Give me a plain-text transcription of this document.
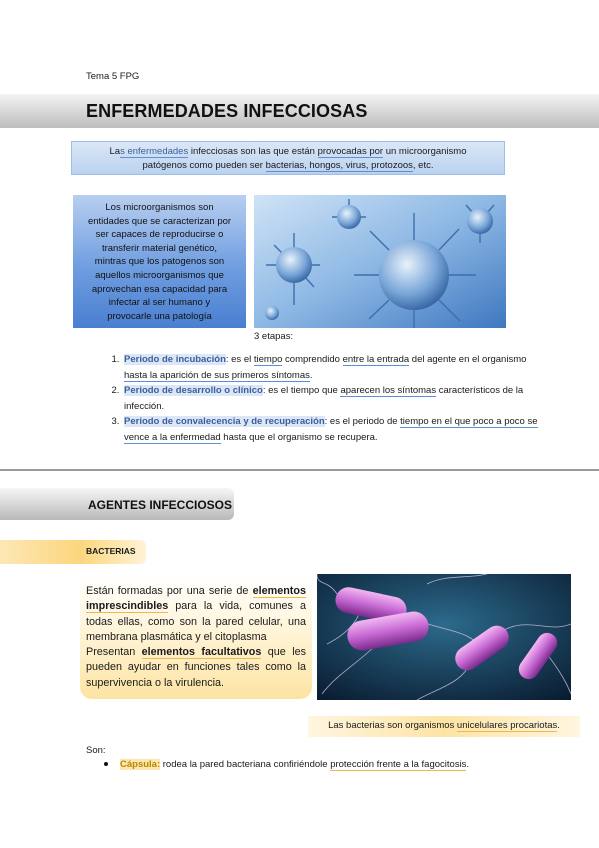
Tema 5 FPG
ENFERMEDADES INFECCIOSAS
Las enfermedades infecciosas son las que están provocadas por un microorganismo
patógenos como pueden ser bacterias, hongos, virus, protozoos, etc.
Los microorganismos son
entidades que se caracterizan por
ser capaces de reproducirse o
transferir material genético,
mintras que los patogenos son
aquellos microorganismos que
aprovechan esa capacidad para
infectar al ser humano y
provocarle una patología
3 etapas:
1. Periodo de incubación: es el tiempo comprendido entre la entrada del agente en el organismo hasta la aparición de sus primeros síntomas.
2. Periodo de desarrollo o clínico: es el tiempo que aparecen los síntomas característicos de la infección.
3. Periodo de convalecencia y de recuperación: es el periodo de tiempo en el que poco a poco se vence a la enfermedad hasta que el organismo se recupera.
AGENTES INFECCIOSOS
BACTERIAS
Están formadas por una serie de elementos imprescindibles para la vida, comunes a todas ellas, como son la pared celular, una membrana plasmática y el citoplasma
Presentan elementos facultativos que les pueden ayudar en funciones tales como la supervivencia o la virulencia.
Las bacterias son organismos unicelulares procariotas.
Son:
Cápsula: rodea la pared bacteriana confiriéndole protección frente a la fagocitosis.
